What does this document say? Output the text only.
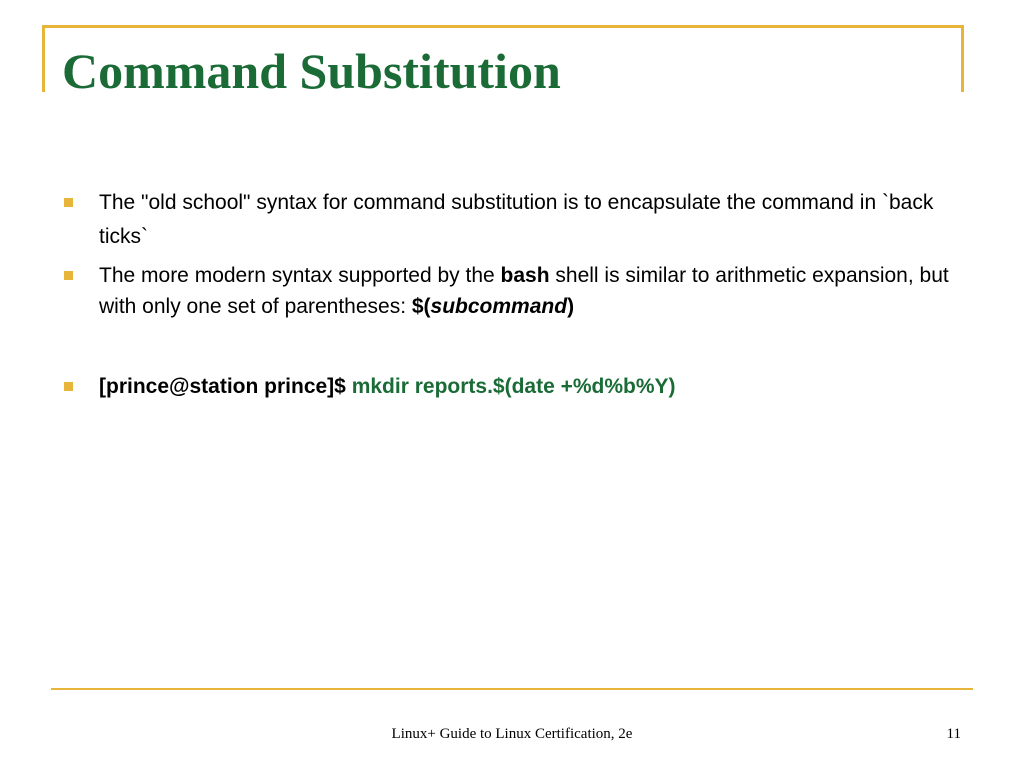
Command Substitution
The "old school" syntax for command substitution is to encapsulate the command in `back ticks`
The more modern syntax supported by the bash shell is similar to arithmetic expansion, but with only one set of parentheses: $(subcommand)
[prince@station prince]$ mkdir reports.$(date +%d%b%Y)
Linux+ Guide to Linux Certification, 2e	11
